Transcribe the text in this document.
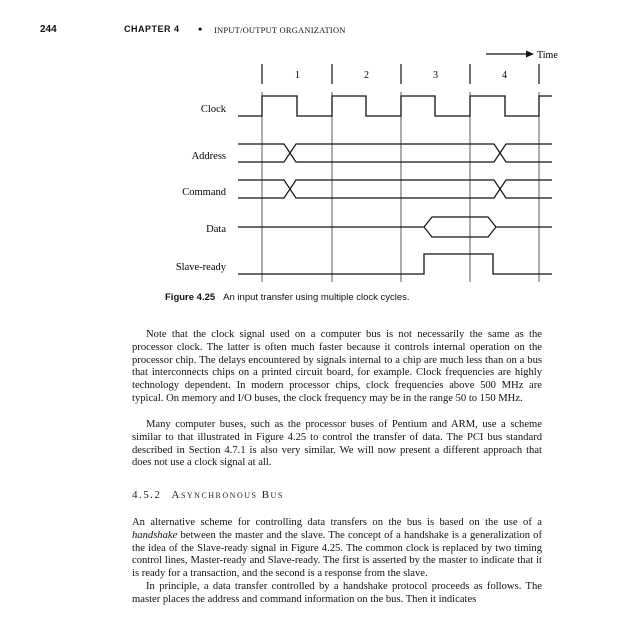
244	CHAPTER 4 • INPUT/OUTPUT ORGANIZATION
Time
1	2	3	4
Clock
Address
Command
Data
Slave-ready
Figure 4.25 An input transfer using multiple clock cycles.

Note that the clock signal used on a computer bus is not necessarily the same as the processor clock. The latter is often much faster because it controls internal operation on the processor chip. The delays encountered by signals internal to a chip are much less than on a bus that interconnects chips on a printed circuit board, for example. Clock frequencies are highly technology dependent. In modern processor chips, clock frequencies above 500 MHz are typical. On memory and I/O buses, the clock frequency may be in the range 50 to 150 MHz.

Many computer buses, such as the processor buses of Pentium and ARM, use a scheme similar to that illustrated in Figure 4.25 to control the transfer of data. The PCI bus standard described in Section 4.7.1 is also very similar. We will now present a different approach that does not use a clock signal at all.

4.5.2 Asynchronous Bus

An alternative scheme for controlling data transfers on the bus is based on the use of a handshake between the master and the slave. The concept of a handshake is a generalization of the idea of the Slave-ready signal in Figure 4.25. The common clock is replaced by two timing control lines, Master-ready and Slave-ready. The first is asserted by the master to indicate that it is ready for a transaction, and the second is a response from the slave.

In principle, a data transfer controlled by a handshake protocol proceeds as follows. The master places the address and command information on the bus. Then it indicates
